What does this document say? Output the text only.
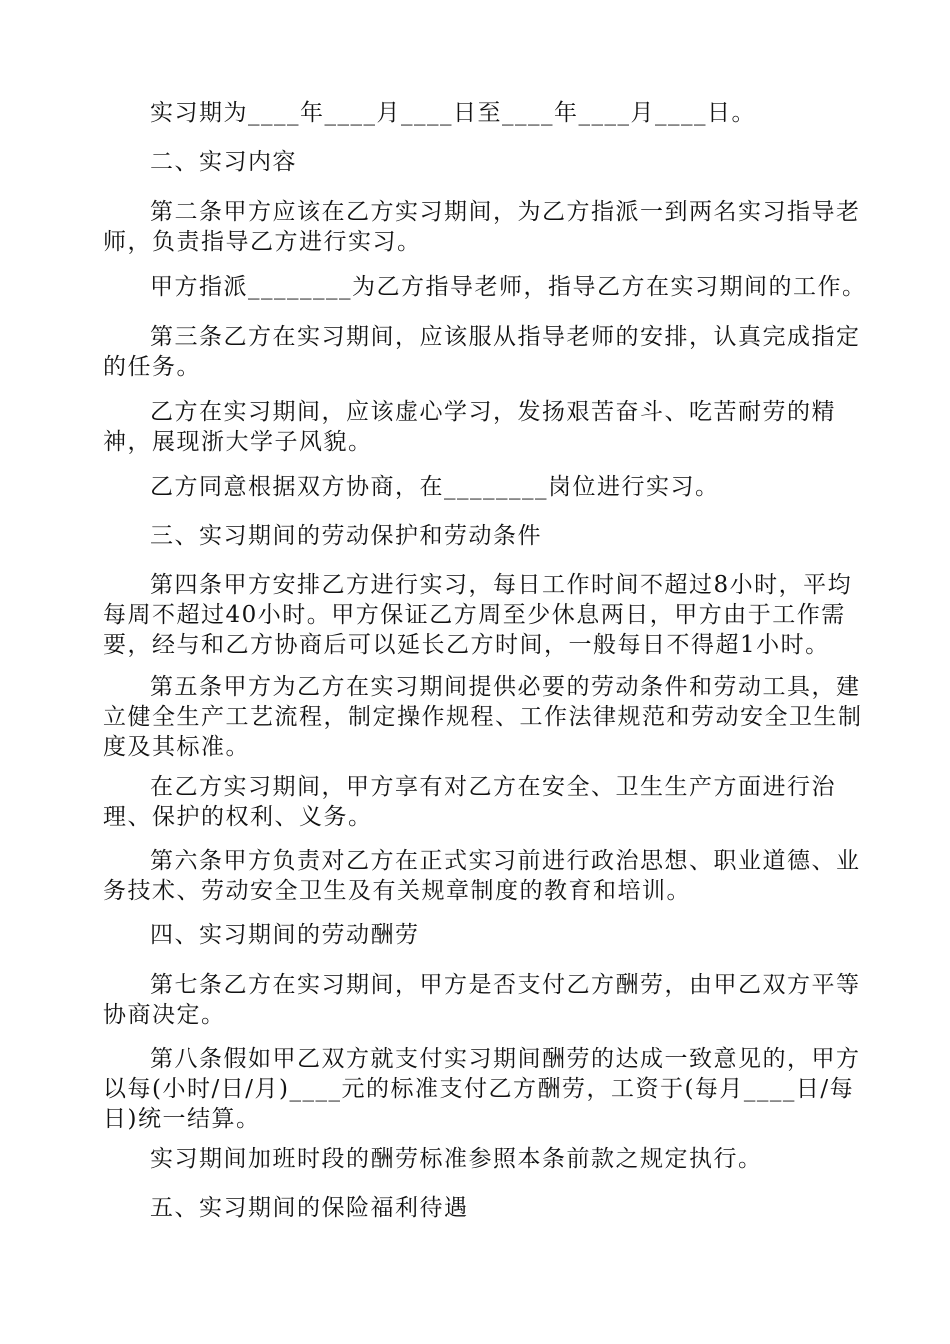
实习期为____年____月____日至____年____月____日。

二、实习内容

第二条甲方应该在乙方实习期间，为乙方指派一到两名实习指导老师，负责指导乙方进行实习。

甲方指派________为乙方指导老师，指导乙方在实习期间的工作。

第三条乙方在实习期间，应该服从指导老师的安排，认真完成指定的任务。

乙方在实习期间，应该虚心学习，发扬艰苦奋斗、吃苦耐劳的精神，展现浙大学子风貌。

乙方同意根据双方协商，在________岗位进行实习。

三、实习期间的劳动保护和劳动条件

第四条甲方安排乙方进行实习，每日工作时间不超过8小时，平均每周不超过40小时。甲方保证乙方周至少休息两日，甲方由于工作需要，经与和乙方协商后可以延长乙方时间，一般每日不得超1小时。

第五条甲方为乙方在实习期间提供必要的劳动条件和劳动工具，建立健全生产工艺流程，制定操作规程、工作法律规范和劳动安全卫生制度及其标准。

在乙方实习期间，甲方享有对乙方在安全、卫生生产方面进行治理、保护的权利、义务。

第六条甲方负责对乙方在正式实习前进行政治思想、职业道德、业务技术、劳动安全卫生及有关规章制度的教育和培训。

四、实习期间的劳动酬劳

第七条乙方在实习期间，甲方是否支付乙方酬劳，由甲乙双方平等协商决定。

第八条假如甲乙双方就支付实习期间酬劳的达成一致意见的，甲方以每(小时/日/月)____元的标准支付乙方酬劳，工资于(每月____日/每日)统一结算。

实习期间加班时段的酬劳标准参照本条前款之规定执行。

五、实习期间的保险福利待遇
